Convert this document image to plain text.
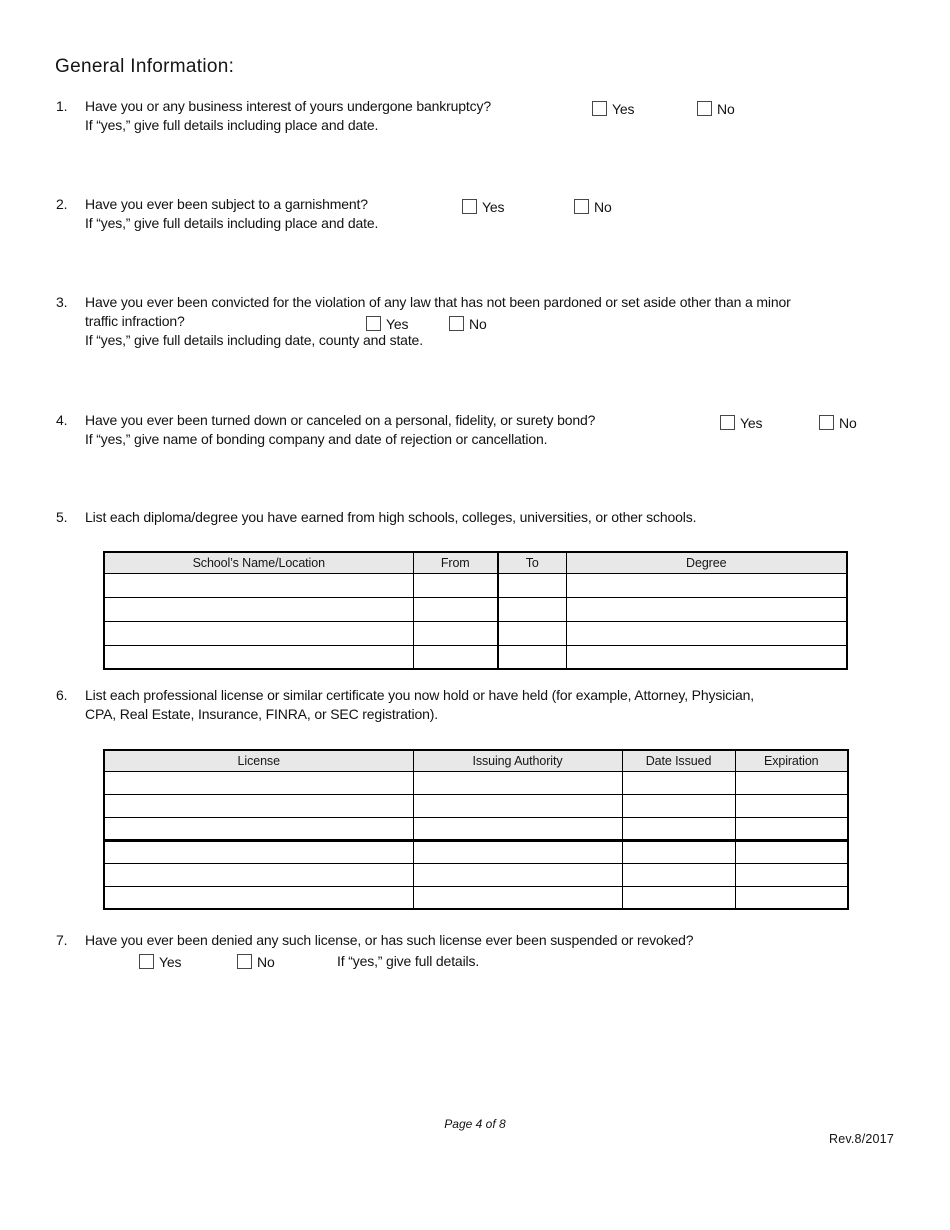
General Information:
1. Have you or any business interest of yours undergone bankruptcy?
If “yes,” give full details including place and date.
Yes	No
2. Have you ever been subject to a garnishment?
If “yes,” give full details including place and date.
Yes	No
3. Have you ever been convicted for the violation of any law that has not been pardoned or set aside other than a minor
traffic infraction?
If “yes,” give full details including date, county and state.
Yes	No
4. Have you ever been turned down or canceled on a personal, fidelity, or surety bond?
If “yes,” give name of bonding company and date of rejection or cancellation.
Yes	No
5. List each diploma/degree you have earned from high schools, colleges, universities, or other schools.
School’s Name/Location	From	To	Degree

6. List each professional license or similar certificate you now hold or have held (for example, Attorney, Physician,
CPA, Real Estate, Insurance, FINRA, or SEC registration).
License	Issuing Authority	Date Issued	Expiration

7. Have you ever been denied any such license, or has such license ever been suspended or revoked?
Yes	No	If “yes,” give full details.
Page 4 of 8
Rev.8/2017
